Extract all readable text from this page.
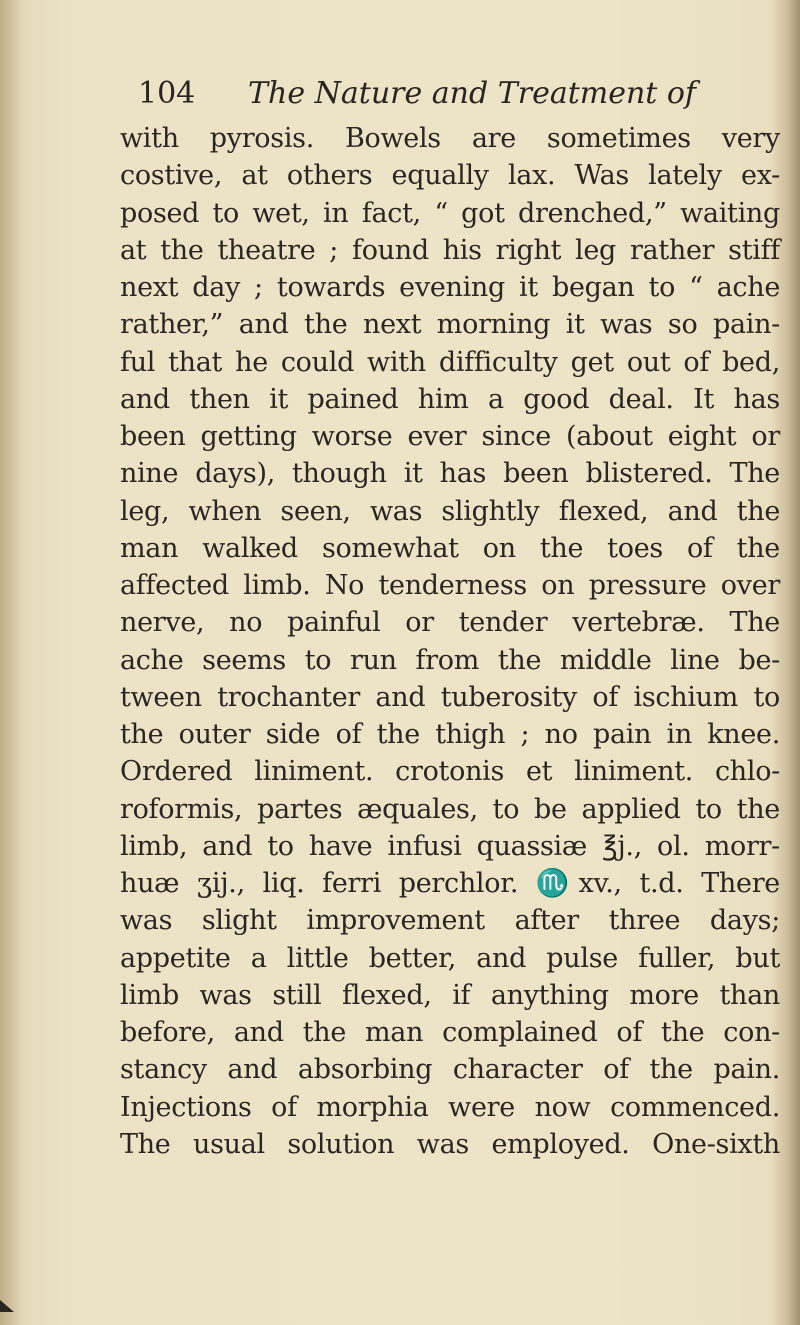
104 The Nature and Treatment of
with pyrosis. Bowels are sometimes very
costive, at others equally lax. Was lately ex-
posed to wet, in fact, “ got drenched,” waiting
at the theatre ; found his right leg rather stiff
next day ; towards evening it began to “ ache
rather,” and the next morning it was so pain-
ful that he could with difficulty get out of bed,
and then it pained him a good deal. It has
been getting worse ever since (about eight or
nine days), though it has been blistered. The
leg, when seen, was slightly flexed, and the
man walked somewhat on the toes of the
affected limb. No tenderness on pressure over
nerve, no painful or tender vertebræ. The
ache seems to run from the middle line be-
tween trochanter and tuberosity of ischium to
the outer side of the thigh ; no pain in knee.
Ordered liniment. crotonis et liniment. chlo-
roformis, partes æquales, to be applied to the
limb, and to have infusi quassiæ ℥j., ol. morr-
huæ ʒij., liq. ferri perchlor. ♏xv., t.d. There
was slight improvement after three days;
appetite a little better, and pulse fuller, but
limb was still flexed, if anything more than
before, and the man complained of the con-
stancy and absorbing character of the pain.
Injections of morphia were now commenced.
The usual solution was employed. One-sixth
